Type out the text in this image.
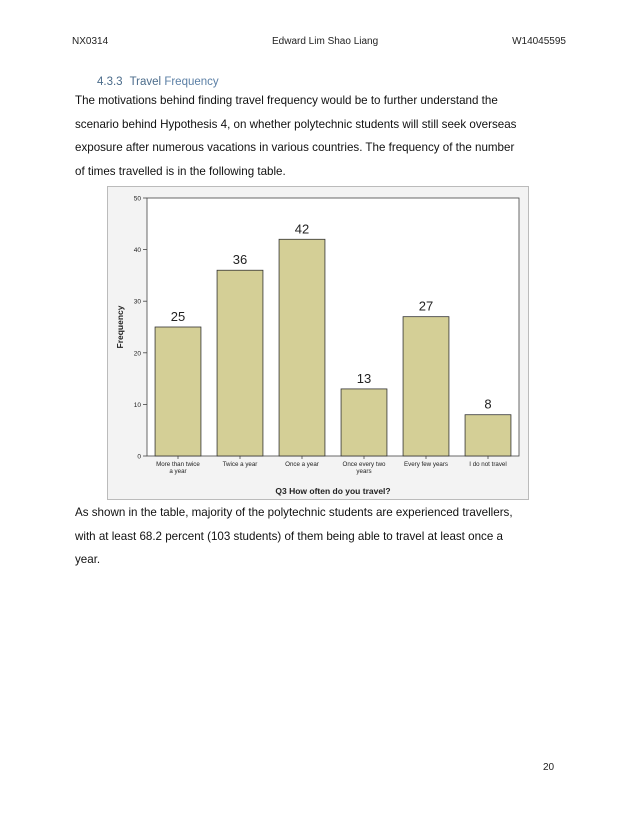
NX0314	Edward Lim Shao Liang	W14045595
4.3.3 Travel Frequency
The motivations behind finding travel frequency would be to further understand the
scenario behind Hypothesis 4, on whether polytechnic students will still seek overseas
exposure after numerous vacations in various countries. The frequency of the number
of times travelled is in the following table.
0
10
20
30
40
50
Frequency	25
More than twice
a year
36
Twice a year
42
Once a year
13
Once every two
years
27
Every few years
8
I do not travel
Q3 How often do you travel?
As shown in the table, majority of the polytechnic students are experienced travellers,
with at least 68.2 percent (103 students) of them being able to travel at least once a
year.
20
